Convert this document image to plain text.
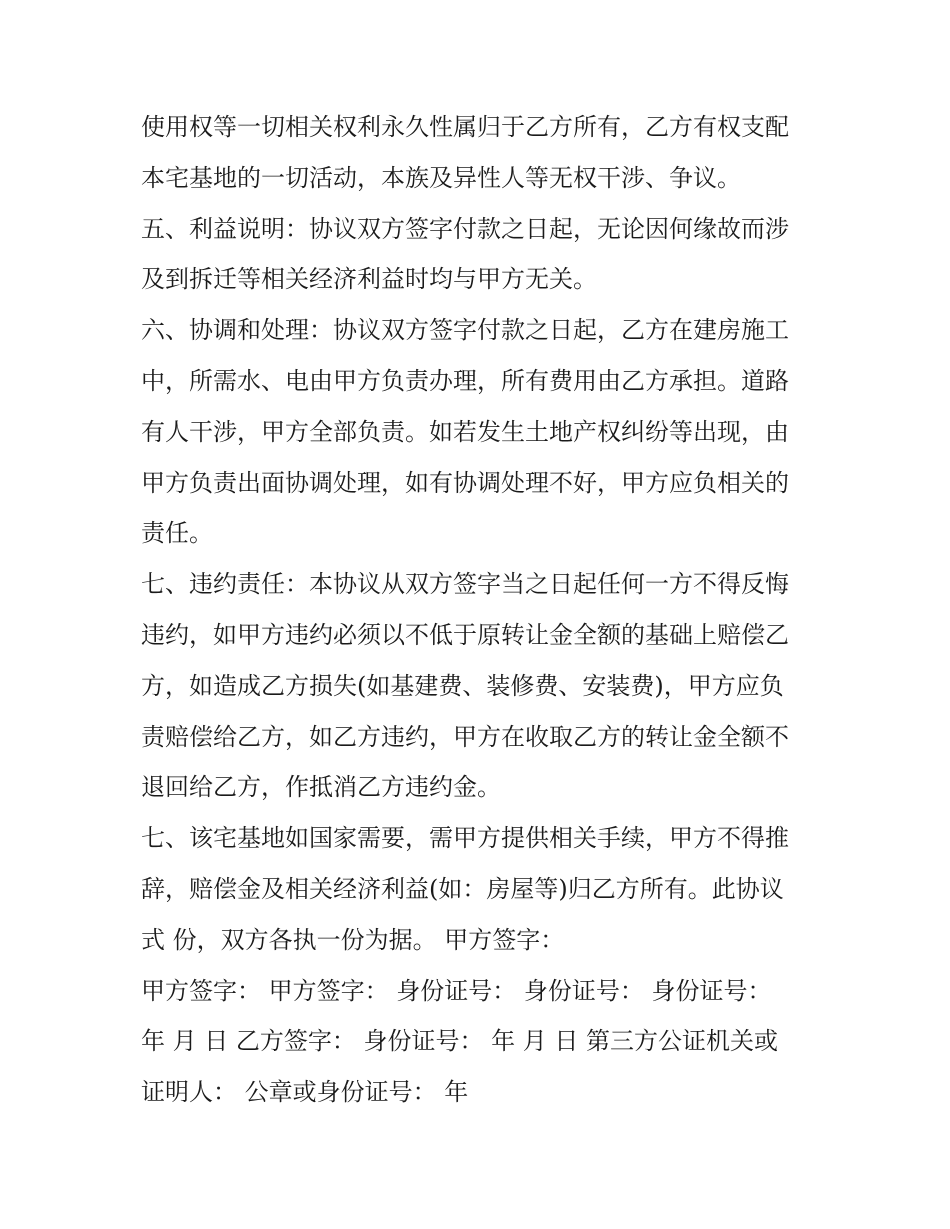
使用权等一切相关权利永久性属归于乙方所有，乙方有权支配
本宅基地的一切活动，本族及异性人等无权干涉、争议。
五、利益说明：协议双方签字付款之日起，无论因何缘故而涉
及到拆迁等相关经济利益时均与甲方无关。
六、协调和处理：协议双方签字付款之日起，乙方在建房施工
中，所需水、电由甲方负责办理，所有费用由乙方承担。道路
有人干涉，甲方全部负责。如若发生土地产权纠纷等出现，由
甲方负责出面协调处理，如有协调处理不好，甲方应负相关的
责任。
七、违约责任：本协议从双方签字当之日起任何一方不得反悔
违约，如甲方违约必须以不低于原转让金全额的基础上赔偿乙
方，如造成乙方损失(如基建费、装修费、安装费)，甲方应负
责赔偿给乙方，如乙方违约，甲方在收取乙方的转让金全额不
退回给乙方，作抵消乙方违约金。
七、该宅基地如国家需要，需甲方提供相关手续，甲方不得推
辞，赔偿金及相关经济利益(如：房屋等)归乙方所有。此协议
式 份，双方各执一份为据。 甲方签字：
甲方签字： 甲方签字： 身份证号： 身份证号： 身份证号：
年 月 日 乙方签字： 身份证号： 年 月 日 第三方公证机关或
证明人： 公章或身份证号： 年
